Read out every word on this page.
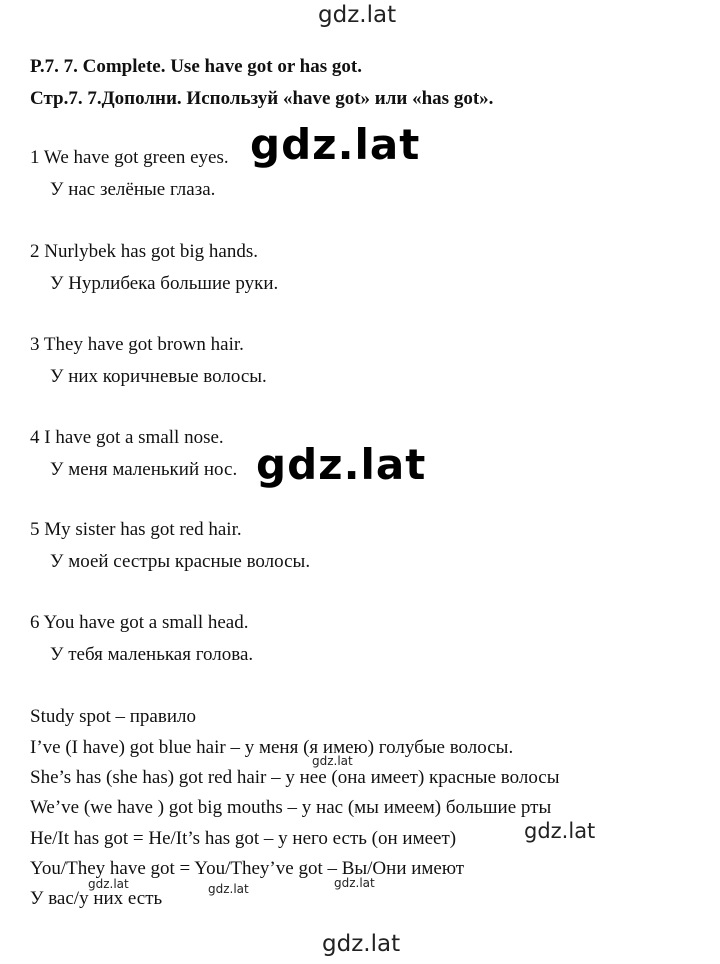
gdz.lat
P.7. 7. Complete. Use have got or has got.
Стр.7. 7.Дополни. Используй «have got» или «has got».
1 We have got green eyes.
У нас зелёные глаза.
2 Nurlybek has got big hands.
У Нурлибека большие руки.
3 They have got brown hair.
У них коричневые волосы.
4 I have got a small nose.
У меня маленький нос.
5 My sister has got red hair.
У моей сестры красные волосы.
6 You have got a small head.
У тебя маленькая голова.
Study spot – правило
I’ve (I have) got blue hair – у меня (я имею) голубые волосы.
She’s has (she has) got red hair – у нее (она имеет) красные волосы
We’ve (we have ) got big mouths – у нас (мы имеем) большие рты
He/It has got = He/It’s has got – у него есть (он имеет)
You/They have got = You/They’ve got – Вы/Они имеют
У вас/у них есть
gdz.lat
gdz.lat
gdz.lat
gdz.lat
gdz.lat	gdz.lat	gdz.lat
gdz.lat
